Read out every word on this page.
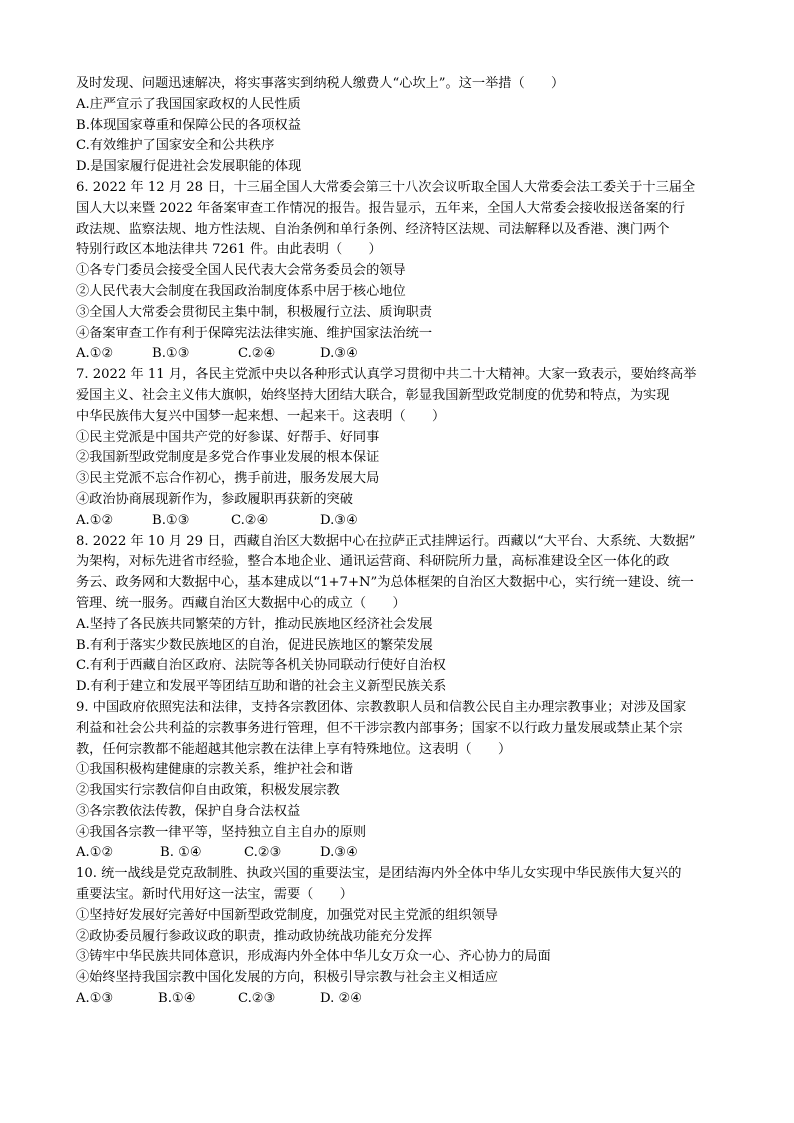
及时发现、问题迅速解决，将实事落实到纳税人缴费人“心坎上”。这一举措（　　）
A.庄严宣示了我国国家政权的人民性质
B.体现国家尊重和保障公民的各项权益
C.有效维护了国家安全和公共秩序
D.是国家履行促进社会发展职能的体现
6. 2022 年 12 月 28 日，十三届全国人大常委会第三十八次会议听取全国人大常委会法工委关于十三届全
国人大以来暨 2022 年备案审查工作情况的报告。报告显示，五年来，全国人大常委会接收报送备案的行
政法规、监察法规、地方性法规、自治条例和单行条例、经济特区法规、司法解释以及香港、澳门两个
特别行政区本地法律共 7261 件。由此表明（　　）
①各专门委员会接受全国人民代表大会常务委员会的领导
②人民代表大会制度在我国政治制度体系中居于核心地位
③全国人大常委会贯彻民主集中制，积极履行立法、质询职责
④备案审查工作有利于保障宪法法律实施、维护国家法治统一
A.①②	B.①③	C.②④	D.③④
7. 2022 年 11 月，各民主党派中央以各种形式认真学习贯彻中共二十大精神。大家一致表示，要始终高举
爱国主义、社会主义伟大旗帜，始终坚持大团结大联合，彰显我国新型政党制度的优势和特点，为实现
中华民族伟大复兴中国梦一起来想、一起来干。这表明（　　）
①民主党派是中国共产党的好参谋、好帮手、好同事
②我国新型政党制度是多党合作事业发展的根本保证
③民主党派不忘合作初心，携手前进，服务发展大局
④政治协商展现新作为，参政履职再获新的突破
A.①②	B.①③	C.②④	D.③④
8. 2022 年 10 月 29 日，西藏自治区大数据中心在拉萨正式挂牌运行。西藏以“大平台、大系统、大数据”
为架构，对标先进省市经验，整合本地企业、通讯运营商、科研院所力量，高标准建设全区一体化的政
务云、政务网和大数据中心，基本建成以“1+7+N”为总体框架的自治区大数据中心，实行统一建设、统一
管理、统一服务。西藏自治区大数据中心的成立（　　）
A.坚持了各民族共同繁荣的方针，推动民族地区经济社会发展
B.有利于落实少数民族地区的自治，促进民族地区的繁荣发展
C.有利于西藏自治区政府、法院等各机关协同联动行使好自治权
D.有利于建立和发展平等团结互助和谐的社会主义新型民族关系
9. 中国政府依照宪法和法律，支持各宗教团体、宗教教职人员和信教公民自主办理宗教事业；对涉及国家
利益和社会公共利益的宗教事务进行管理，但不干涉宗教内部事务；国家不以行政力量发展或禁止某个宗
教，任何宗教都不能超越其他宗教在法律上享有特殊地位。这表明（　　）
①我国积极构建健康的宗教关系，维护社会和谐
②我国实行宗教信仰自由政策，积极发展宗教
③各宗教依法传教，保护自身合法权益
④我国各宗教一律平等，坚持独立自主自办的原则
A.①②	B. ①④	C.②③	D.③④
10. 统一战线是党克敌制胜、执政兴国的重要法宝，是团结海内外全体中华儿女实现中华民族伟大复兴的
重要法宝。新时代用好这一法宝，需要（　　）
①坚持好发展好完善好中国新型政党制度，加强党对民主党派的组织领导
②政协委员履行参政议政的职责，推动政协统战功能充分发挥
③铸牢中华民族共同体意识，形成海内外全体中华儿女万众一心、齐心协力的局面
④始终坚持我国宗教中国化发展的方向，积极引导宗教与社会主义相适应
A.①③	B.①④	C.②③	D. ②④
